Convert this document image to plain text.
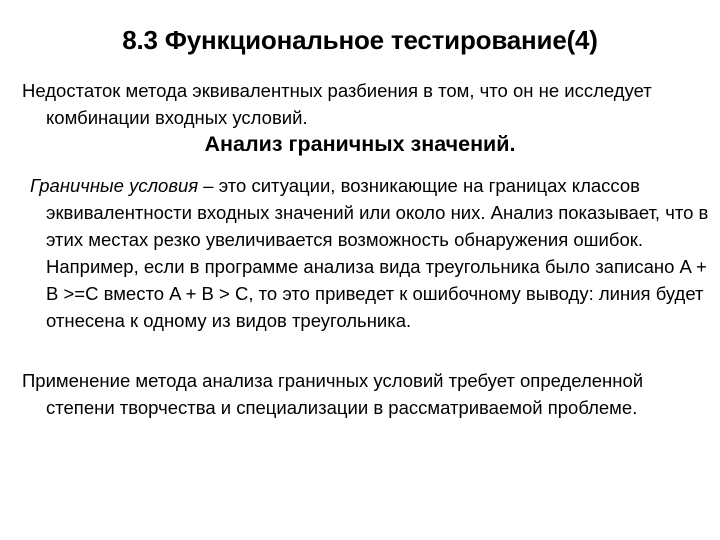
8.3 Функциональное тестирование(4)
Недостаток метода эквивалентных разбиения в том, что он не исследует комбинации входных условий.
Анализ граничных значений.
Граничные условия – это ситуации, возникающие на границах классов эквивалентности входных значений или около них. Анализ показывает, что в этих местах резко увеличивается возможность обнаружения ошибок. Например, если в программе анализа вида треугольника было записано A + B >=C вместо A + B > C, то это приведет к ошибочному выводу: линия будет отнесена к одному из видов треугольника.
Применение метода анализа граничных условий требует определенной степени творчества и специализации в рассматриваемой проблеме.
